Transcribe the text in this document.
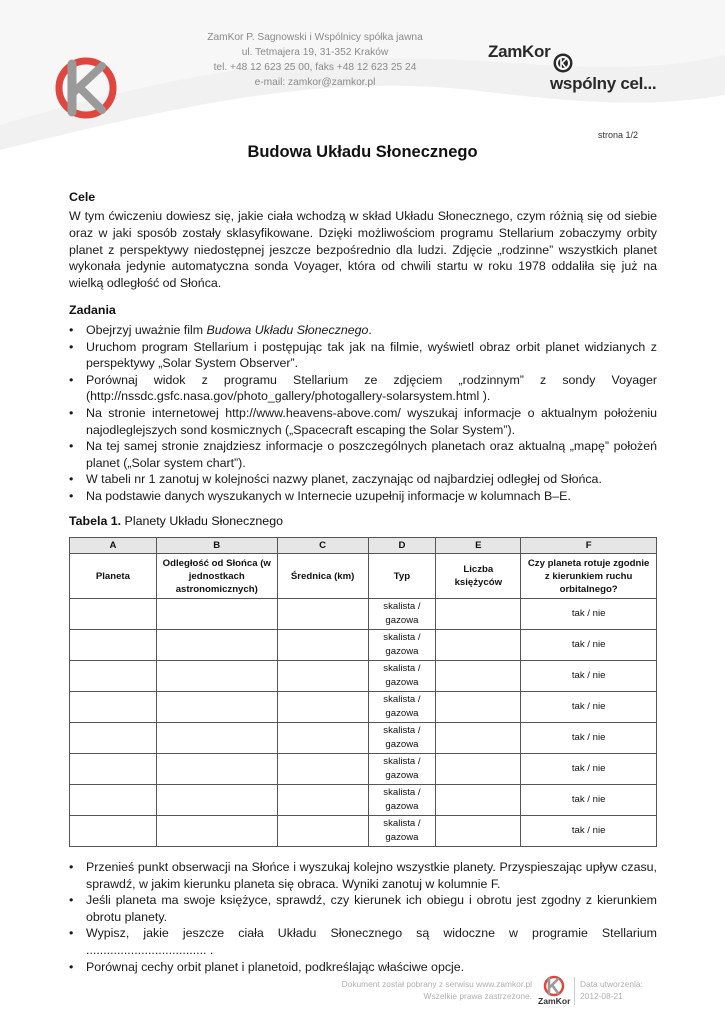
ZamKor P. Sagnowski i Wspólnicy spółka jawna
ul. Tetmajera 19, 31-352 Kraków
tel. +48 12 623 25 00, faks +48 12 623 25 24
e-mail: zamkor@zamkor.pl
ZamKor
wspólny cel...
strona 1/2
Budowa Układu Słonecznego
Cele
W tym ćwiczeniu dowiesz się, jakie ciała wchodzą w skład Układu Słonecznego, czym różnią się od siebie oraz w jaki sposób zostały sklasyfikowane. Dzięki możliwościom programu Stellarium zobaczymy orbity planet z perspektywy niedostępnej jeszcze bezpośrednio dla ludzi. Zdjęcie „rodzinne” wszystkich planet wykonała jedynie automatyczna sonda Voyager, która od chwili startu w roku 1978 oddaliła się już na wielką odległość od Słońca.
Zadania
• Obejrzyj uważnie film Budowa Układu Słonecznego.
• Uruchom program Stellarium i postępując tak jak na filmie, wyświetl obraz orbit planet widzianych z perspektywy „Solar System Observer”.
• Porównaj widok z programu Stellarium ze zdjęciem „rodzinnym” z sondy Voyager (http://nssdc.gsfc.nasa.gov/photo_gallery/photogallery-solarsystem.html ).
• Na stronie internetowej http://www.heavens-above.com/ wyszukaj informacje o aktualnym położeniu najodleglejszych sond kosmicznych („Spacecraft escaping the Solar System”).
• Na tej samej stronie znajdziesz informacje o poszczególnych planetach oraz aktualną „mapę” położeń planet („Solar system chart”).
• W tabeli nr 1 zanotuj w kolejności nazwy planet, zaczynając od najbardziej odległej od Słońca.
• Na podstawie danych wyszukanych w Internecie uzupełnij informacje w kolumnach B–E.
Tabela 1. Planety Układu Słonecznego
A	B	C	D	E	F
Planeta	Odległość od Słońca (w jednostkach astronomicznych)	Średnica (km)	Typ	Liczba księżyców	Czy planeta rotuje zgodnie z kierunkiem ruchu orbitalnego?
			skalista / gazowa		tak / nie
			skalista / gazowa		tak / nie
			skalista / gazowa		tak / nie
			skalista / gazowa		tak / nie
			skalista / gazowa		tak / nie
			skalista / gazowa		tak / nie
			skalista / gazowa		tak / nie
			skalista / gazowa		tak / nie
• Przenieś punkt obserwacji na Słońce i wyszukaj kolejno wszystkie planety. Przyspieszając upływ czasu, sprawdź, w jakim kierunku planeta się obraca. Wyniki zanotuj w kolumnie F.
• Jeśli planeta ma swoje księżyce, sprawdź, czy kierunek ich obiegu i obrotu jest zgodny z kierunkiem obrotu planety.
• Wypisz, jakie jeszcze ciała Układu Słonecznego są widoczne w programie Stellarium ................................... .
• Porównaj cechy orbit planet i planetoid, podkreślając właściwe opcje.
Dokument został pobrany z serwisu www.zamkor.pl
Wszelkie prawa zastrzeżone.
ZamKor
Data utworzenia:
2012-08-21
